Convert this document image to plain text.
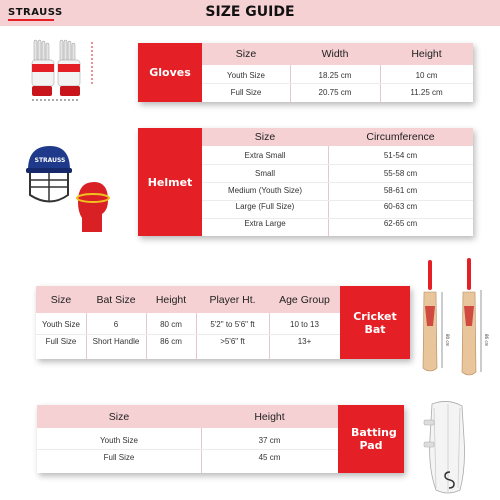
STRAUSS	SIZE GUIDE
Gloves
Size	Width	Height
Youth Size	18.25 cm	10 cm
Full Size	20.75 cm	11.25 cm
STRAUSS
Helmet
Size	Circumference
Extra Small	51-54 cm
Small	55-58 cm
Medium (Youth Size)	58-61 cm
Large (Full Size)	60-63 cm
Extra Large	62-65 cm
Size	Bat Size	Height	Player Ht.	Age Group
Youth Size	6	80 cm	5'2" to 5'6" ft	10 to 13
Full Size	Short Handle	86 cm	>5'6" ft	13+
Cricket Bat
80 cm	86 cm
Size	Height
Youth Size	37 cm
Full Size	45 cm
Batting Pad
